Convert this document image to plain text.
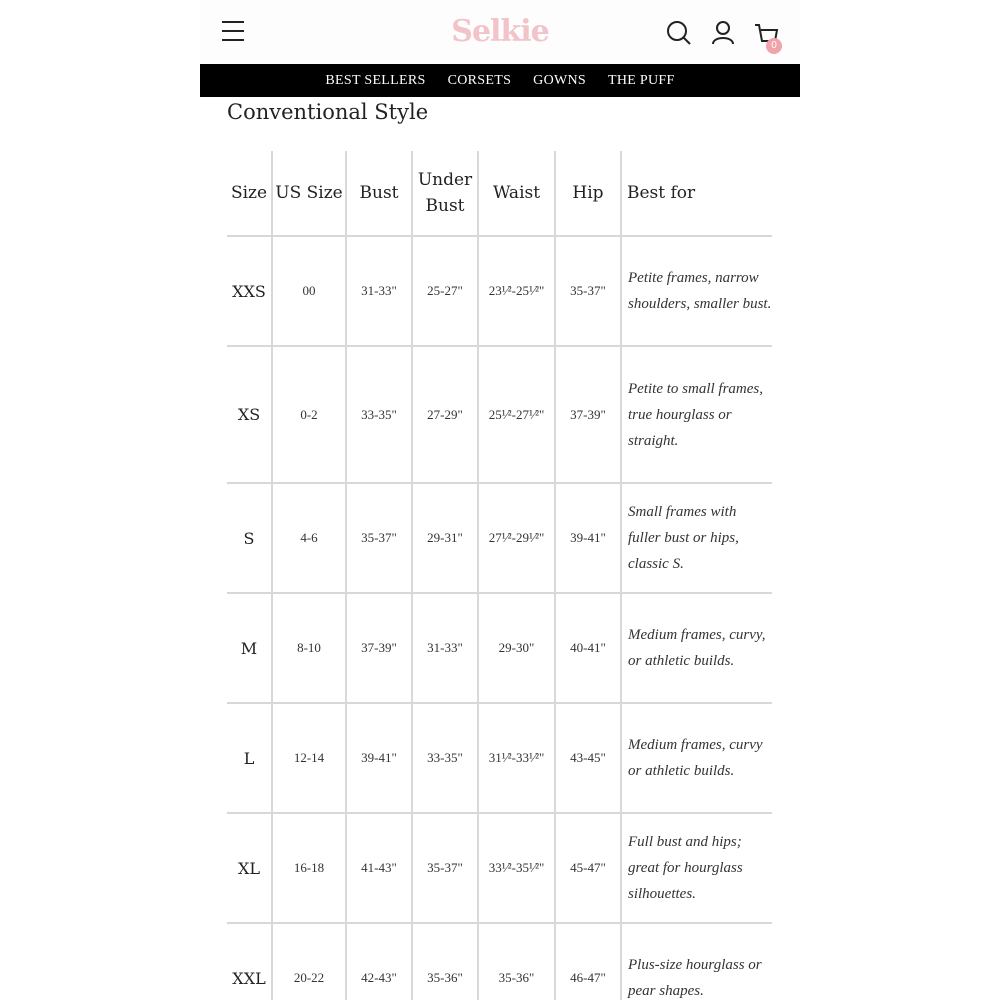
Selkie	0
BEST SELLERS CORSETS GOWNS THE PUFF
Conventional Style
Size	US Size	Bust	Under Bust	Waist	Hip	Best for
XXS	00	31-33"	25-27"	23¹⁄²-25¹⁄²"	35-37"	Petite frames, narrow shoulders, smaller bust.
XS	0-2	33-35"	27-29"	25¹⁄²-27¹⁄²"	37-39"	Petite to small frames, true hourglass or straight.
S	4-6	35-37"	29-31"	27¹⁄²-29¹⁄²"	39-41"	Small frames with fuller bust or hips, classic S.
M	8-10	37-39"	31-33"	29-30"	40-41"	Medium frames, curvy, or athletic builds.
L	12-14	39-41"	33-35"	31¹⁄²-33¹⁄²"	43-45"	Medium frames, curvy or athletic builds.
XL	16-18	41-43"	35-37"	33¹⁄²-35¹⁄²"	45-47"	Full bust and hips; great for hourglass silhouettes.
XXL	20-22	42-43"	35-36"	35-36"	46-47"	Plus-size hourglass or pear shapes.
